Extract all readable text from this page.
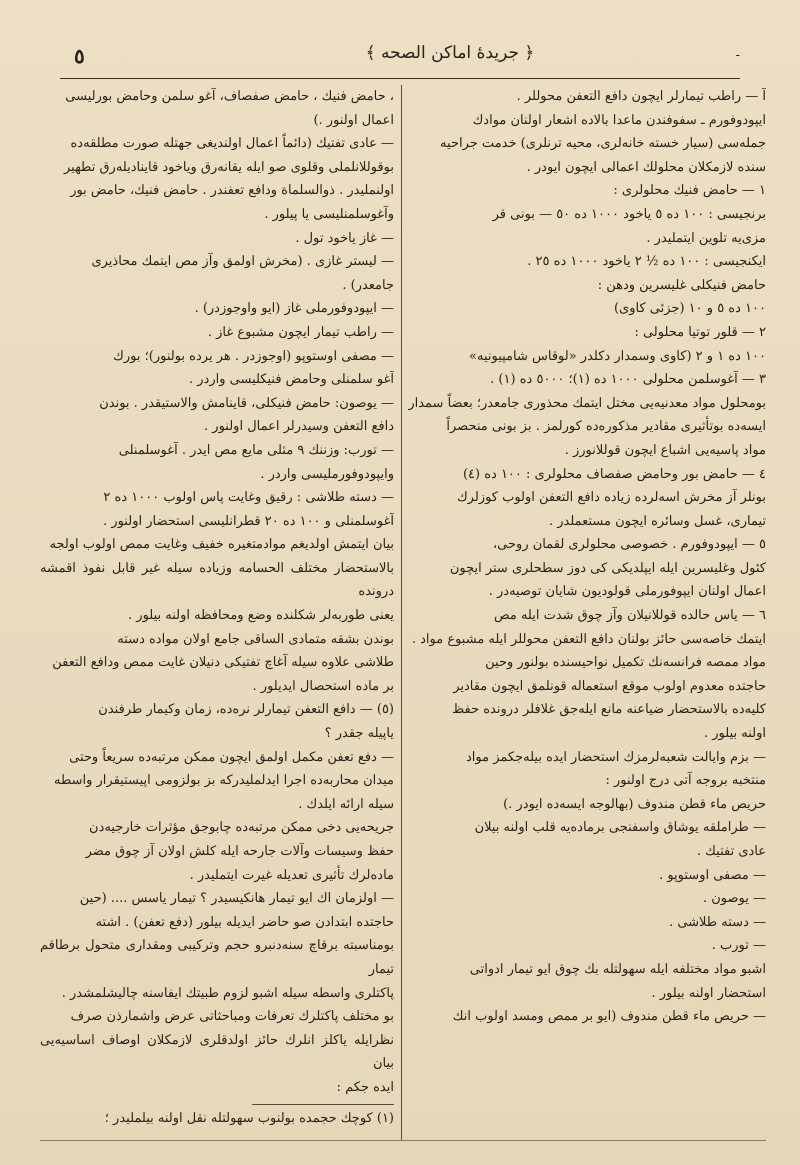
٥	﴿ جريدۀ اماكن الصحه ﴾	-

آ — راطب تيمارلر ايچون دافع التعفن محوللر .

ايپودوفورم ـ سفوفندن ماعدا بالاده اشعار اولنان موادك

جمله‌سی (سيار خسته خانه‌لری، محيه ترنلری) خدمت جراحيه‌

سنده لازمكلان محلولك اعمالی ايچون ايودر .

١ — حامض فنيك محلولری :

برنجيسی : ١٠٠ ده ٥ ياخود ١٠٠٠ ده ٥٠ — بونی قر‌

مزی‌يه تلوين ايتمليدر .

ايكنجيسی : ١٠٠ ده ½ ٢ ياخود ١٠٠٠ ده ٢٥ .

حامض فنيكلی غليسرين ودهن :

١٠٠ ده ٥ و ١٠ (جزئی كاوی)

٢ — قلور توتيا محلولی :

١٠٠ ده ١ و ٢ (كاوی وسمدار دكلدر «لوقاس شامپيونيه»

٣ — آغوسلمن محلولی ١٠٠٠ ده (١)؛ ٥٠٠٠ ده (١) .

بومحلول مواد معدنيه‌يی مختل ايتمك محذوری جامعدر؛ بعضاً سمدار

ايسه‌ده بوتأثيری مقادير مذكوره‌ده كورلمز . بز بونی منحصراً

مواد پاسيه‌يی اشباع ايچون قوللانورز .

٤ — حامض بور وحامض صفصاف محلولری : ١٠٠ ده (٤)

بونلر آز مخرش اسه‌لرده زياده دافع التعفن اولوب كوزلرك

تيماری، غسل وسائره ايچون مستعملدر .

٥ — ايپودوفورم . خصوصی محلولری لقمان روحی،

كئول وغليسرين ايله ايپلديكی كی دوز سطحلری ستر ايچون

اعمال اولنان ايپوفورملی قولوديون شايان توصيه‌در .

٦ — ياس حالده قوللانيلان وآز چوق شدت ايله مص

ايتمك خاصه‌سی حائز بولنان دافع التعفن محوللر ايله مشبوع مواد .

مواد ممصه فرانسه‌نك تكميل نواحيسنده بولنور وحين

حاجتده معدوم اولوب موقع استعماله قونلمق ايچون مقادير

كليه‌ده بالاستحضار ضياعنه مانع ايله‌جق غلافلر درونده حفظ

اولنه بيلور .

— بزم وايالت شعبه‌لرمزك استحضار ايده بيله‌جكمز مواد

منتخبه بروجه آتی درج اولنور :

حريص ماء قطن مندوف (بهالوجه ايسه‌ده ايودر .)

— طراملقه يوشاق واسفنجی برماده‌يه قلب اولنه بيلان

عادی تفتيك .

— مصفی اوستوپو .

— يوصون .

— دسته طلاشی .

— تورب .

اشبو مواد مختلفه ايله سهولتله بك چوق ايو تيمار ادواتی

استحضار اولنه بيلور .

— حريص ماء قطن مندوف (ايو بر ممص ومسد اولوب انك

، حامض فنيك ، حامض صفصاف، آغو سلمن وحامض بورليسی

اعمال اولنور .)

— عادی تفتيك (دائماً اعمال اولنديغی جهتله صورت مطلقه‌ده

بوقوللانلملی وقلوی صو ايله يقانه‌رق وياخود قايناديله‌رق تطهير

اولنمليدر . ذوالسلماة ودافع تعفندر . حامض فنيك، حامض بور

وآغوسلمنليسی يا پيلور .

— غاز ياخود تول .

— ليستر غازی . (مخرش اولمق وآز مص ايتمك محاذيری

جامعدر) .

— ايپودوفورملی غاز (ايو واوجوزدر) .

— راطب تيمار ايچون مشبوع غاز .

— مصفی اوستوپو (اوجوزدر . هر يرده بولنور)؛ بورك

آغو سلمنلی وحامض فنيكليسی واردر .

— يوصون: حامض فنيكلی، قاينامش والاستيقدر . بوندن

دافع التعفن وسيدرلر اعمال اولنور .

— تورب: وزننك ٩ مثلی مايع مص ايدر . آغوسلمنلی

وايپودوفورمليسی واردر .

— دسته طلاشی : رقيق وغايت پاس اولوب ١٠٠٠ ده ٢

آغوسلمنلی و ١٠٠ ده ٢٠ قطرانليسی استحضار اولنور .

بيان ايتمش اولديغم موادمتغيره خفيف وغايت ممص اولوب اولجه

بالاستحضار مختلف الحسامه وزياده سيله غير قابل نفوذ اقمشه درونده

يعنی طوربه‌لر شكلنده وضع ومحافظه اولنه بيلور .

بوندن بشقه متمادی الساقی جامع اولان مواده دسته

طلاشی علاوه سيله آغاچ تفتيكی دنيلان غايت ممص ودافع التعفن

بر ماده استحصال ايديلور .

(٥) — دافع التعفن تيمارلر نره‌ده، زمان وكيمار طرفندن

ياپيله جقدر ؟

— دفع تعفن مكمل اولمق ايچون ممكن مرتبه‌ده سريعاً وحتی

ميدان محاربه‌ده اجرا ايدلمليدركه بز بولزومی اپيستيقرار واسطه

سيله ارائه ايلدك .

جريحه‌يی دخی ممكن مرتبه‌ده چابوجق مؤثرات خارجيه‌دن

حفظ وسيسات وآلات جارحه ايله كلش اولان آز چوق مضر

ماده‌لرك تأثيری تعديله غيرت ايتمليدر .

— اولزمان اك ايو تيمار هانكيسيدر ؟ تيمار ياسس .... (حين

حاجتده ابتدادن صو حاضر ايديله بيلور (دفع تعفن) . اشته

بومناسبته برقاچ سنه‌دنبرو حجم وتركيبی ومقداری متحول برطاقم تيمار

پاكتلری واسطه سيله اشبو لزوم طبيتك ايفاسنه چاليشلمشدر .

بو مختلف پاكتلرك تعرفات ومباحثاتی عرض واشمارذن صرف

نظرايله ياكلز انلرك حائز اولدقلری لازمكلان اوصاف اساسيه‌يی بيان

ايده جكم :

(١) كوچك حجمده بولنوب سهولتله نقل اولنه بيلمليدر ؛
